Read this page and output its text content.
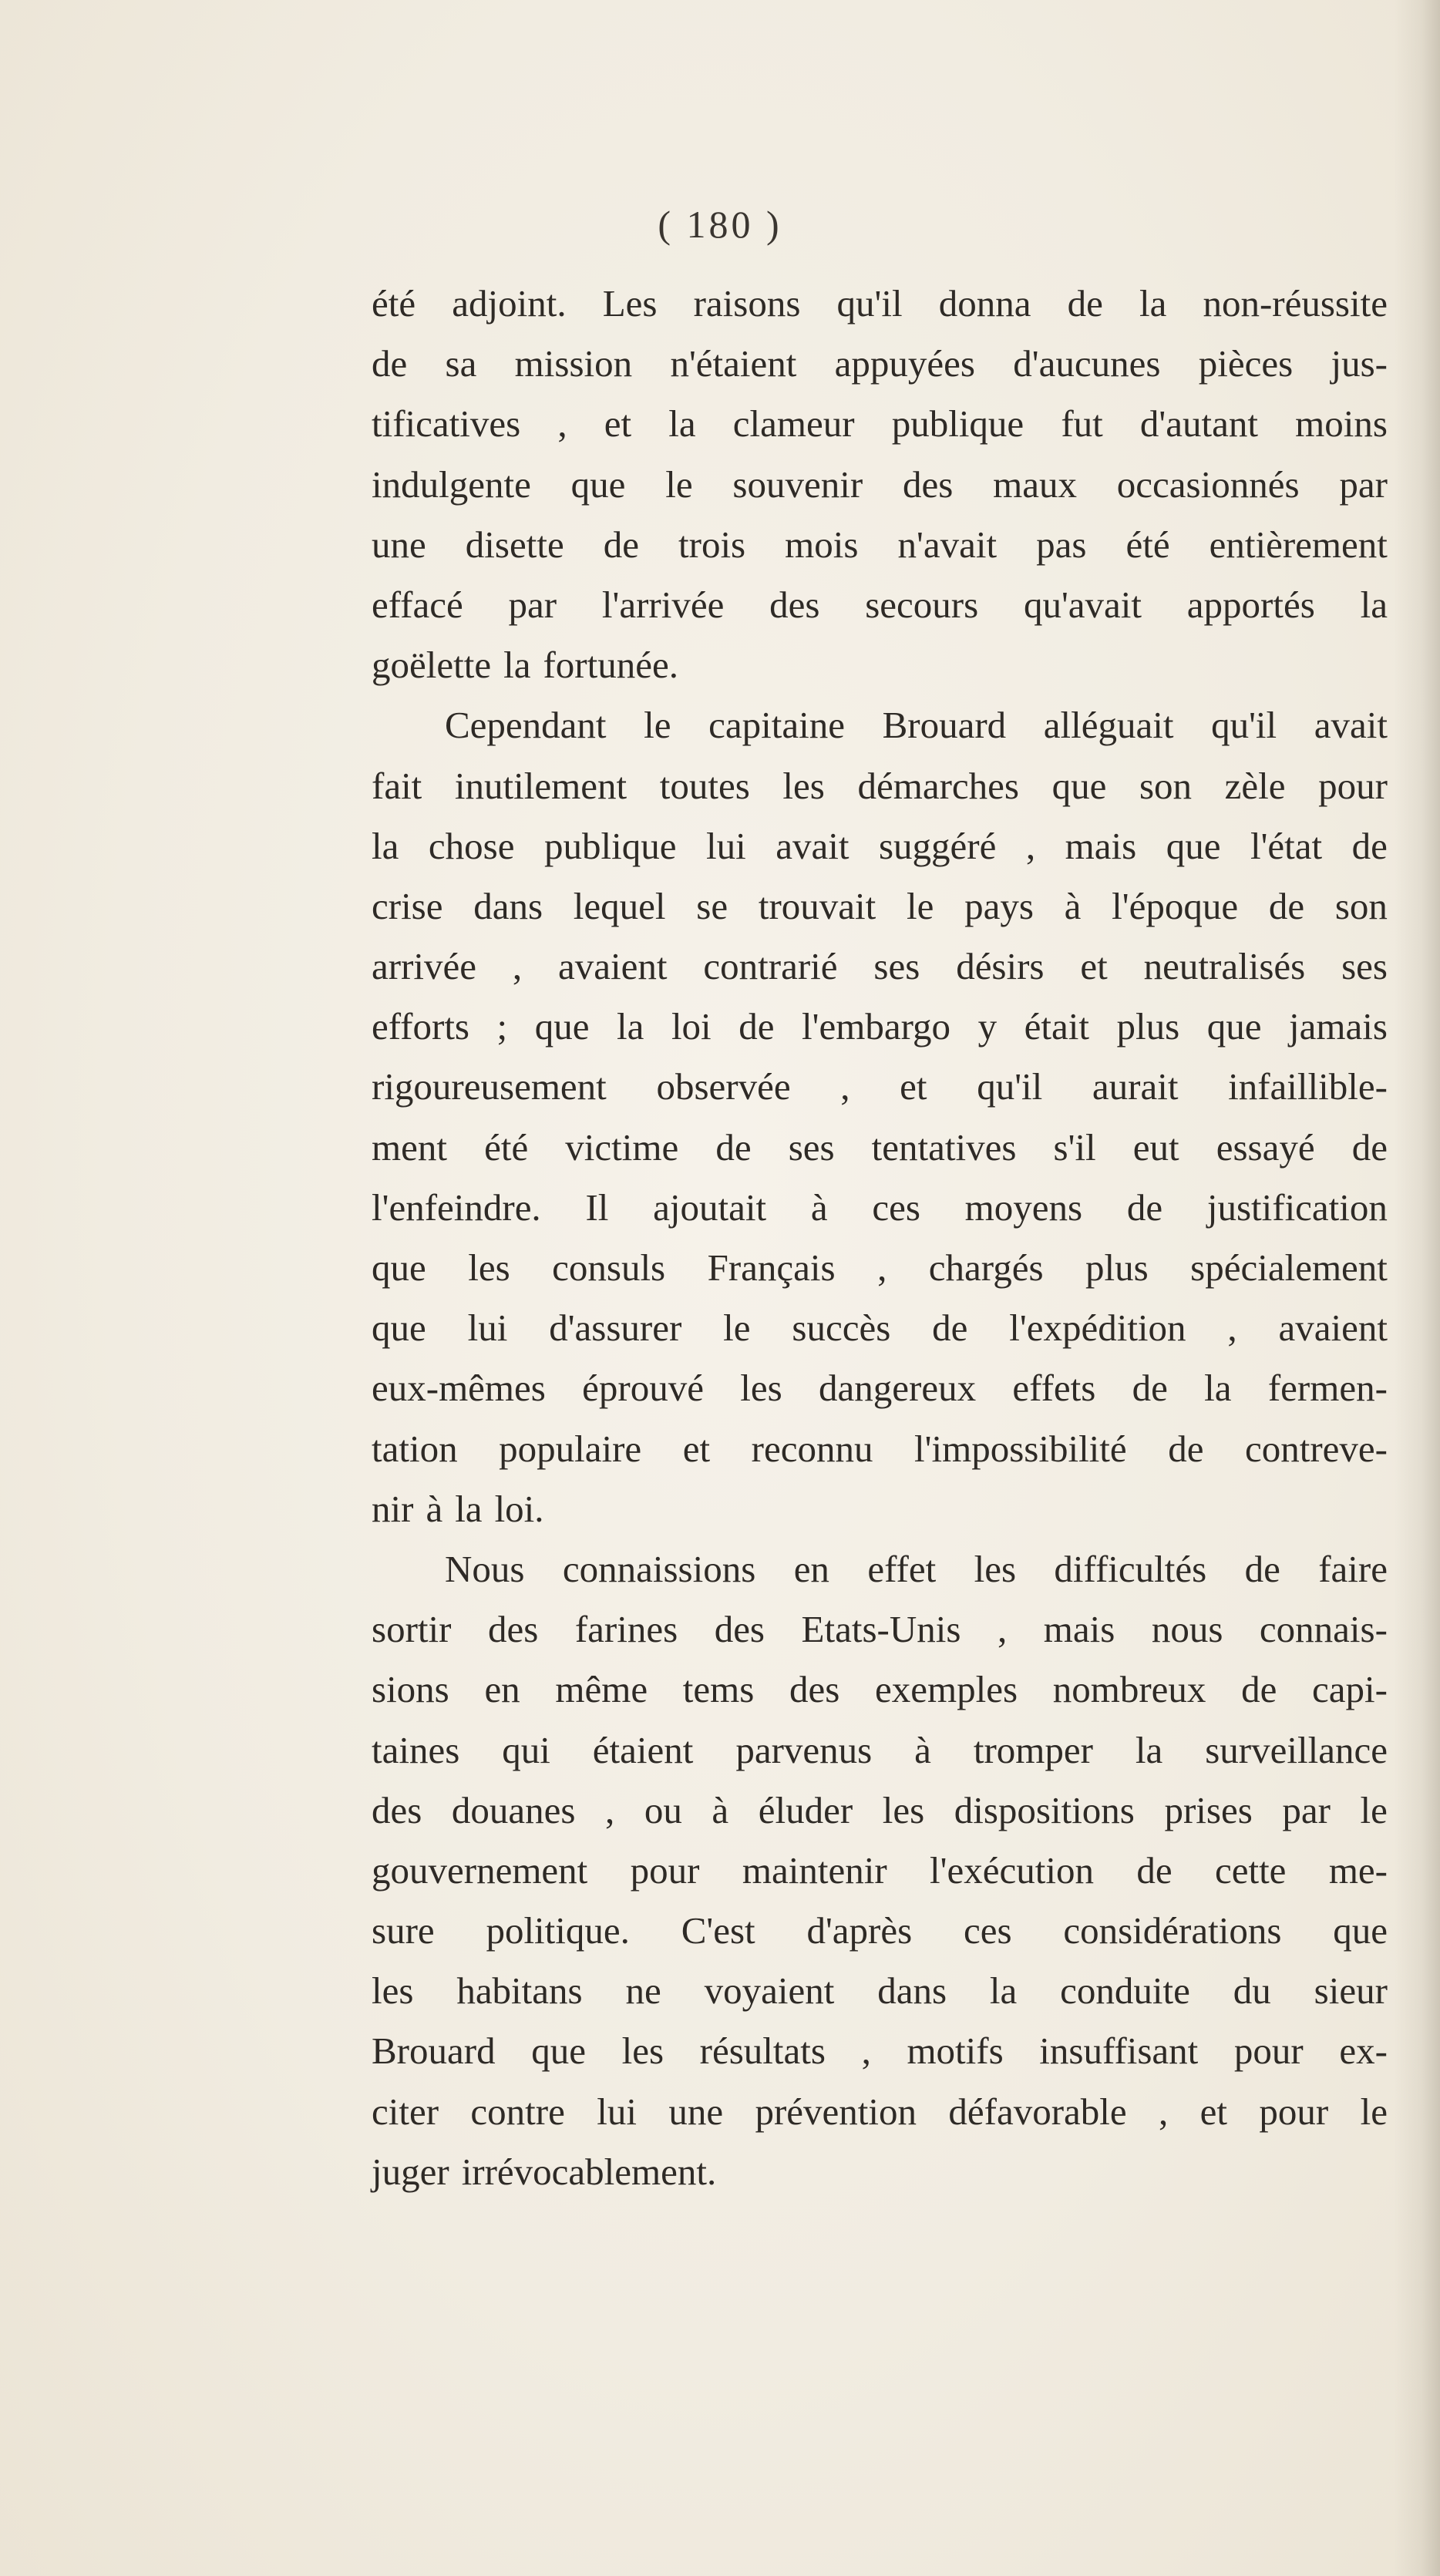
( 180 )
été adjoint. Les raisons qu'il donna de la non-réussite
de sa mission n'étaient appuyées d'aucunes pièces jus-
tificatives , et la clameur publique fut d'autant moins
indulgente que le souvenir des maux occasionnés par
une disette de trois mois n'avait pas été entièrement
effacé par l'arrivée des secours qu'avait apportés la
goëlette la fortunée.
Cependant le capitaine Brouard alléguait qu'il avait
fait inutilement toutes les démarches que son zèle pour
la chose publique lui avait suggéré , mais que l'état de
crise dans lequel se trouvait le pays à l'époque de son
arrivée , avaient contrarié ses désirs et neutralisés ses
efforts ; que la loi de l'embargo y était plus que jamais
rigoureusement observée , et qu'il aurait infaillible-
ment été victime de ses tentatives s'il eut essayé de
l'enfeindre. Il ajoutait à ces moyens de justification
que les consuls Français , chargés plus spécialement
que lui d'assurer le succès de l'expédition , avaient
eux-mêmes éprouvé les dangereux effets de la fermen-
tation populaire et reconnu l'impossibilité de contreve-
nir à la loi.
Nous connaissions en effet les difficultés de faire
sortir des farines des Etats-Unis , mais nous connais-
sions en même tems des exemples nombreux de capi-
taines qui étaient parvenus à tromper la surveillance
des douanes , ou à éluder les dispositions prises par le
gouvernement pour maintenir l'exécution de cette me-
sure politique. C'est d'après ces considérations que
les habitans ne voyaient dans la conduite du sieur
Brouard que les résultats , motifs insuffisant pour ex-
citer contre lui une prévention défavorable , et pour le
juger irrévocablement.
